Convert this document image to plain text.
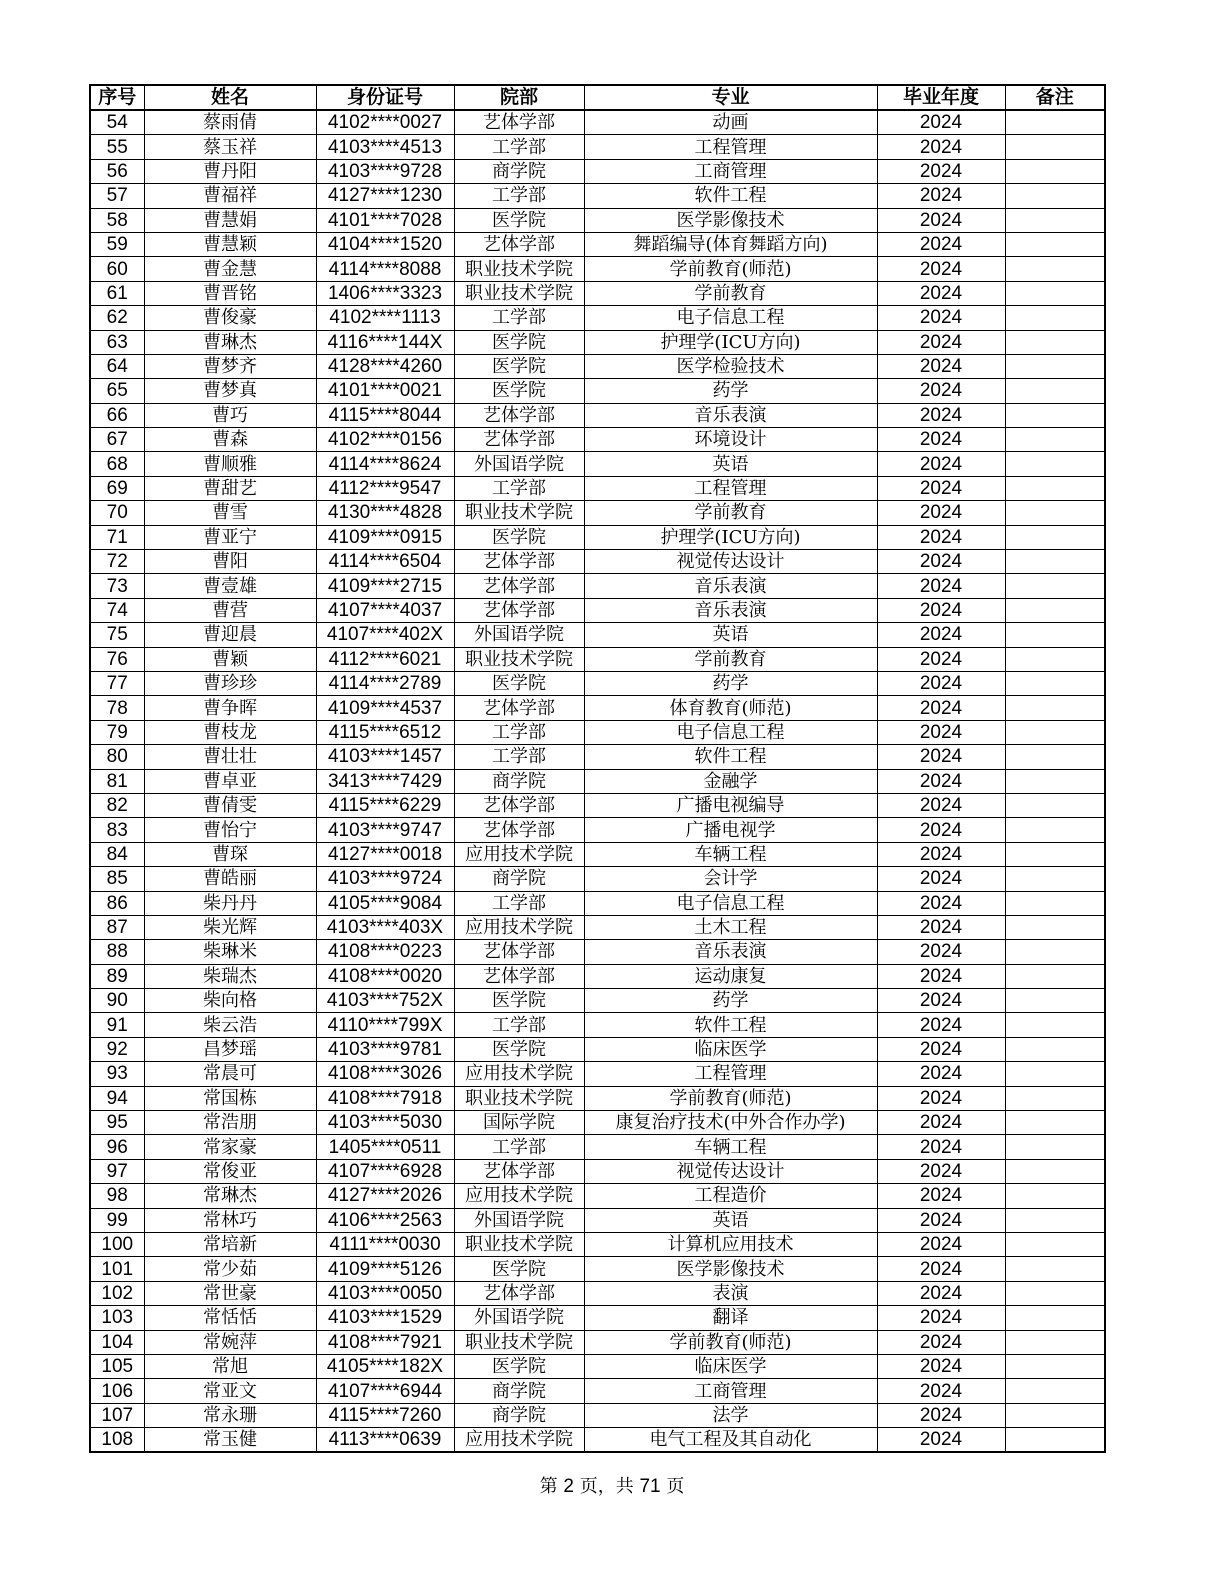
序号	姓名	身份证号	院部	专业	毕业年度	备注
54	蔡雨倩	4102****0027	艺体学部	动画	2024	
55	蔡玉祥	4103****4513	工学部	工程管理	2024	
56	曹丹阳	4103****9728	商学院	工商管理	2024	
57	曹福祥	4127****1230	工学部	软件工程	2024	
58	曹慧娟	4101****7028	医学院	医学影像技术	2024	
59	曹慧颖	4104****1520	艺体学部	舞蹈编导(体育舞蹈方向)	2024	
60	曹金慧	4114****8088	职业技术学院	学前教育(师范)	2024	
61	曹晋铭	1406****3323	职业技术学院	学前教育	2024	
62	曹俊豪	4102****1113	工学部	电子信息工程	2024	
63	曹琳杰	4116****144X	医学院	护理学(ICU方向)	2024	
64	曹梦齐	4128****4260	医学院	医学检验技术	2024	
65	曹梦真	4101****0021	医学院	药学	2024	
66	曹巧	4115****8044	艺体学部	音乐表演	2024	
67	曹森	4102****0156	艺体学部	环境设计	2024	
68	曹顺雅	4114****8624	外国语学院	英语	2024	
69	曹甜艺	4112****9547	工学部	工程管理	2024	
70	曹雪	4130****4828	职业技术学院	学前教育	2024	
71	曹亚宁	4109****0915	医学院	护理学(ICU方向)	2024	
72	曹阳	4114****6504	艺体学部	视觉传达设计	2024	
73	曹壹雄	4109****2715	艺体学部	音乐表演	2024	
74	曹营	4107****4037	艺体学部	音乐表演	2024	
75	曹迎晨	4107****402X	外国语学院	英语	2024	
76	曹颖	4112****6021	职业技术学院	学前教育	2024	
77	曹珍珍	4114****2789	医学院	药学	2024	
78	曹争晖	4109****4537	艺体学部	体育教育(师范)	2024	
79	曹枝龙	4115****6512	工学部	电子信息工程	2024	
80	曹壮壮	4103****1457	工学部	软件工程	2024	
81	曹卓亚	3413****7429	商学院	金融学	2024	
82	曹倩雯	4115****6229	艺体学部	广播电视编导	2024	
83	曹怡宁	4103****9747	艺体学部	广播电视学	2024	
84	曹琛	4127****0018	应用技术学院	车辆工程	2024	
85	曹皓丽	4103****9724	商学院	会计学	2024	
86	柴丹丹	4105****9084	工学部	电子信息工程	2024	
87	柴光辉	4103****403X	应用技术学院	土木工程	2024	
88	柴琳米	4108****0223	艺体学部	音乐表演	2024	
89	柴瑞杰	4108****0020	艺体学部	运动康复	2024	
90	柴向格	4103****752X	医学院	药学	2024	
91	柴云浩	4110****799X	工学部	软件工程	2024	
92	昌梦瑶	4103****9781	医学院	临床医学	2024	
93	常晨可	4108****3026	应用技术学院	工程管理	2024	
94	常国栋	4108****7918	职业技术学院	学前教育(师范)	2024	
95	常浩朋	4103****5030	国际学院	康复治疗技术(中外合作办学)	2024	
96	常家豪	1405****0511	工学部	车辆工程	2024	
97	常俊亚	4107****6928	艺体学部	视觉传达设计	2024	
98	常琳杰	4127****2026	应用技术学院	工程造价	2024	
99	常林巧	4106****2563	外国语学院	英语	2024	
100	常培新	4111****0030	职业技术学院	计算机应用技术	2024	
101	常少茹	4109****5126	医学院	医学影像技术	2024	
102	常世豪	4103****0050	艺体学部	表演	2024	
103	常恬恬	4103****1529	外国语学院	翻译	2024	
104	常婉萍	4108****7921	职业技术学院	学前教育(师范)	2024	
105	常旭	4105****182X	医学院	临床医学	2024	
106	常亚文	4107****6944	商学院	工商管理	2024	
107	常永珊	4115****7260	商学院	法学	2024	
108	常玉健	4113****0639	应用技术学院	电气工程及其自动化	2024	
第 2 页，共 71 页
